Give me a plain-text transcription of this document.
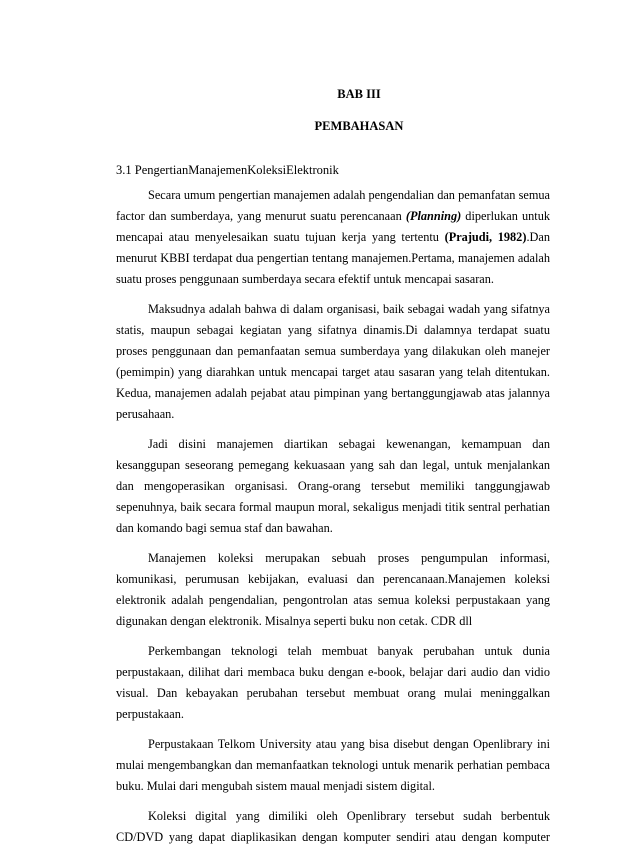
BAB III
PEMBAHASAN
3.1 PengertianManajemenKoleksiElektronik

Secara umum pengertian manajemen adalah pengendalian dan pemanfatan semua factor dan sumberdaya, yang menurut suatu perencanaan (Planning) diperlukan untuk mencapai atau menyelesaikan suatu tujuan kerja yang tertentu (Prajudi, 1982).Dan menurut KBBI terdapat dua pengertian tentang manajemen.Pertama, manajemen adalah suatu proses penggunaan sumberdaya secara efektif untuk mencapai sasaran.

Maksudnya adalah bahwa di dalam organisasi, baik sebagai wadah yang sifatnya statis, maupun sebagai kegiatan yang sifatnya dinamis.Di dalamnya terdapat suatu proses penggunaan dan pemanfaatan semua sumberdaya yang dilakukan oleh manejer (pemimpin) yang diarahkan untuk mencapai target atau sasaran yang telah ditentukan. Kedua, manajemen adalah pejabat atau pimpinan yang bertanggungjawab atas jalannya perusahaan.

Jadi disini manajemen diartikan sebagai kewenangan, kemampuan dan kesanggupan seseorang pemegang kekuasaan yang sah dan legal, untuk menjalankan dan mengoperasikan organisasi. Orang-orang tersebut memiliki tanggungjawab sepenuhnya, baik secara formal maupun moral, sekaligus menjadi titik sentral perhatian dan komando bagi semua staf dan bawahan.

Manajemen koleksi merupakan sebuah proses pengumpulan informasi, komunikasi, perumusan kebijakan, evaluasi dan perencanaan.Manajemen koleksi elektronik adalah pengendalian, pengontrolan atas semua koleksi perpustakaan yang digunakan dengan elektronik. Misalnya seperti buku non cetak. CDR dll

Perkembangan teknologi telah membuat banyak perubahan untuk dunia perpustakaan, dilihat dari membaca buku dengan e-book, belajar dari audio dan vidio visual. Dan kebayakan perubahan tersebut membuat orang mulai meninggalkan perpustakaan.

Perpustakaan Telkom University atau yang bisa disebut dengan Openlibrary ini mulai mengembangkan dan memanfaatkan teknologi untuk menarik perhatian pembaca buku. Mulai dari mengubah sistem maual menjadi sistem digital.

Koleksi digital yang dimiliki oleh Openlibrary tersebut sudah berbentuk CD/DVD yang dapat diaplikasikan dengan komputer sendiri atau dengan komputer
